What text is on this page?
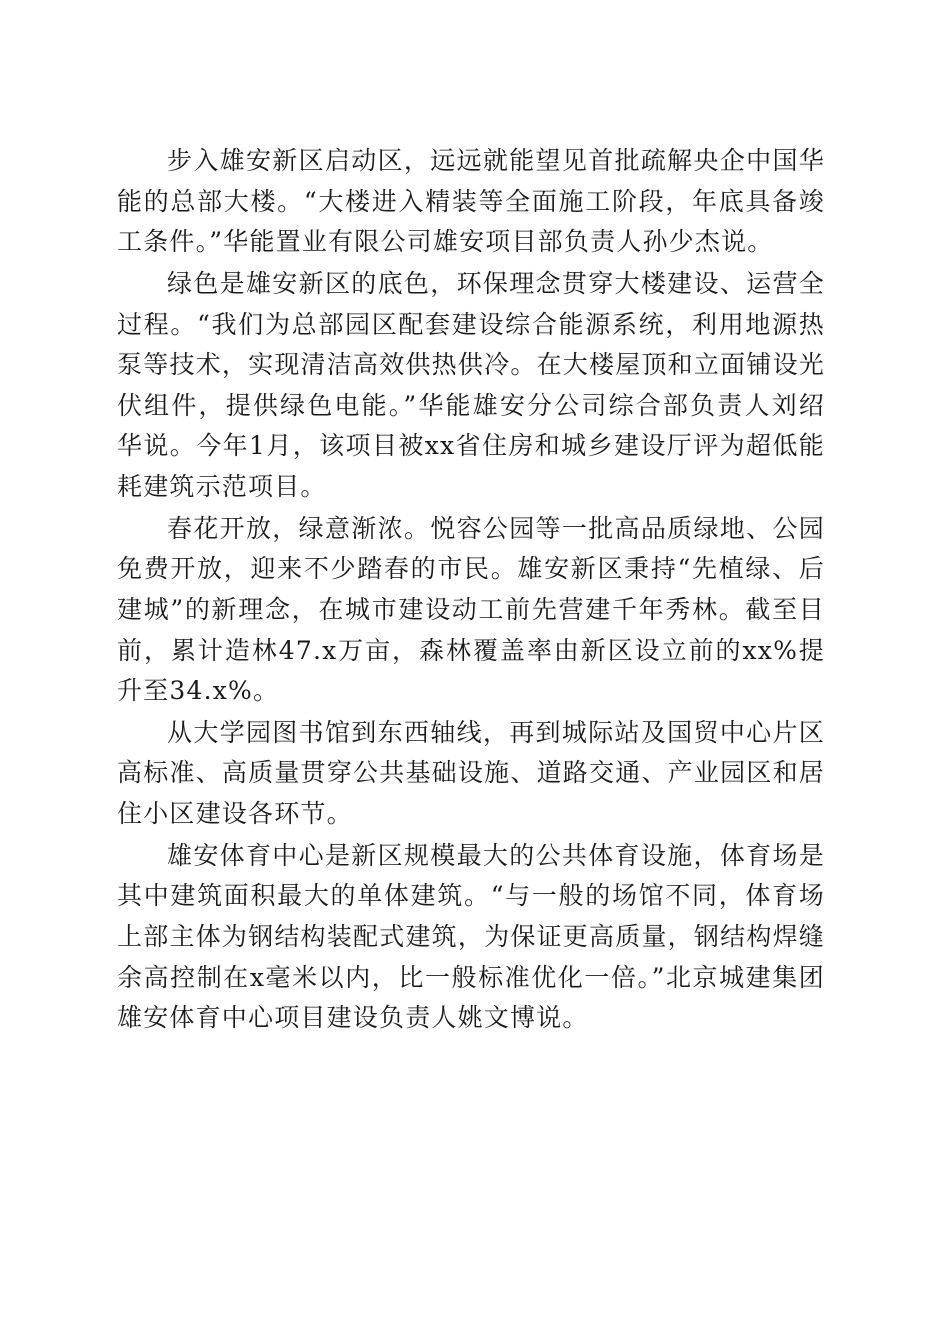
步入雄安新区启动区，远远就能望见首批疏解央企中国华能的总部大楼。“大楼进入精装等全面施工阶段，年底具备竣工条件。”华能置业有限公司雄安项目部负责人孙少杰说。

绿色是雄安新区的底色，环保理念贯穿大楼建设、运营全过程。“我们为总部园区配套建设综合能源系统，利用地源热泵等技术，实现清洁高效供热供冷。在大楼屋顶和立面铺设光伏组件，提供绿色电能。”华能雄安分公司综合部负责人刘绍华说。今年1月，该项目被xx省住房和城乡建设厅评为超低能耗建筑示范项目。

春花开放，绿意渐浓。悦容公园等一批高品质绿地、公园免费开放，迎来不少踏春的市民。雄安新区秉持“先植绿、后建城”的新理念，在城市建设动工前先营建千年秀林。截至目前，累计造林47.x万亩，森林覆盖率由新区设立前的xx%提升至34.x%。

从大学园图书馆到东西轴线，再到城际站及国贸中心片区高标准、高质量贯穿公共基础设施、道路交通、产业园区和居住小区建设各环节。

雄安体育中心是新区规模最大的公共体育设施，体育场是其中建筑面积最大的单体建筑。“与一般的场馆不同，体育场上部主体为钢结构装配式建筑，为保证更高质量，钢结构焊缝余高控制在x毫米以内，比一般标准优化一倍。”北京城建集团雄安体育中心项目建设负责人姚文博说。
